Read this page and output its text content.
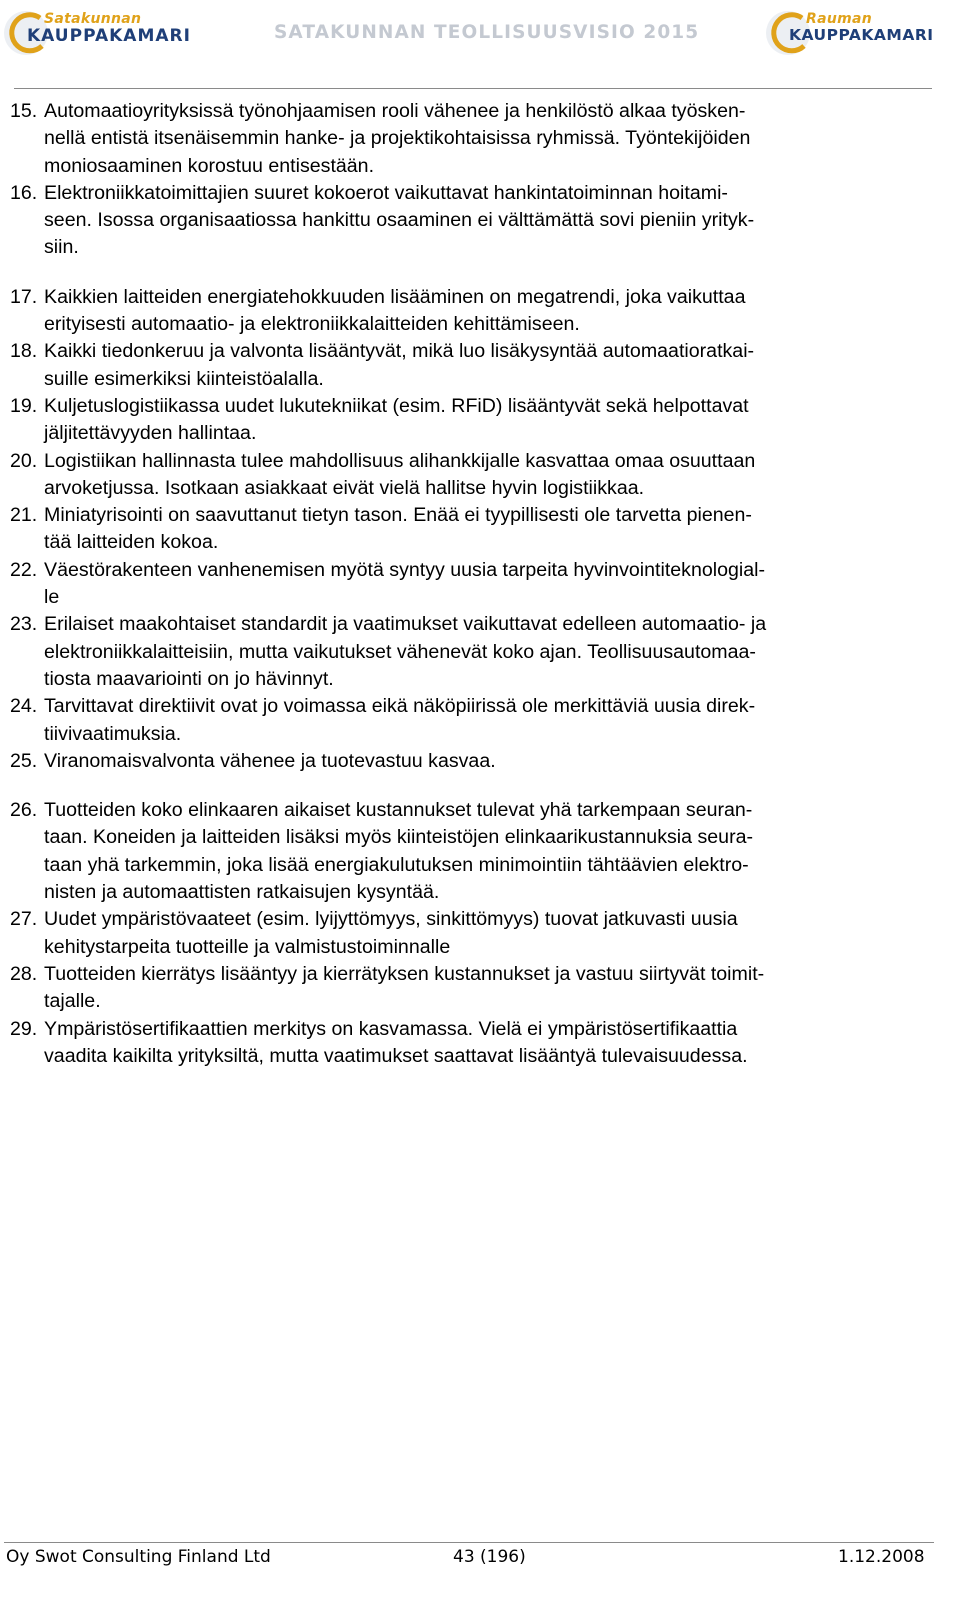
Satakunnan
KAUPPAKAMARI	SATAKUNNAN TEOLLISUUSVISIO 2015
Rauman
KAUPPAKAMARI
15. Automaatioyrityksissä työnohjaamisen rooli vähenee ja henkilöstö alkaa työsken-
nellä entistä itsenäisemmin hanke- ja projektikohtaisissa ryhmissä. Työntekijöiden
moniosaaminen korostuu entisestään.
16. Elektroniikkatoimittajien suuret kokoerot vaikuttavat hankintatoiminnan hoitami-
seen. Isossa organisaatiossa hankittu osaaminen ei välttämättä sovi pieniin yrityk-
siin.
17. Kaikkien laitteiden energiatehokkuuden lisääminen on megatrendi, joka vaikuttaa
erityisesti automaatio- ja elektroniikkalaitteiden kehittämiseen.
18. Kaikki tiedonkeruu ja valvonta lisääntyvät, mikä luo lisäkysyntää automaatioratkai-
suille esimerkiksi kiinteistöalalla.
19. Kuljetuslogistiikassa uudet lukutekniikat (esim. RFiD) lisääntyvät sekä helpottavat
jäljitettävyyden hallintaa.
20. Logistiikan hallinnasta tulee mahdollisuus alihankkijalle kasvattaa omaa osuuttaan
arvoketjussa. Isotkaan asiakkaat eivät vielä hallitse hyvin logistiikkaa.
21. Miniatyrisointi on saavuttanut tietyn tason. Enää ei tyypillisesti ole tarvetta pienen-
tää laitteiden kokoa.
22. Väestörakenteen vanhenemisen myötä syntyy uusia tarpeita hyvinvointiteknologial-
le
23. Erilaiset maakohtaiset standardit ja vaatimukset vaikuttavat edelleen automaatio- ja
elektroniikkalaitteisiin, mutta vaikutukset vähenevät koko ajan. Teollisuusautomaa-
tiosta maavariointi on jo hävinnyt.
24. Tarvittavat direktiivit ovat jo voimassa eikä näköpiirissä ole merkittäviä uusia direk-
tiivivaatimuksia.
25. Viranomaisvalvonta vähenee ja tuotevastuu kasvaa.
26. Tuotteiden koko elinkaaren aikaiset kustannukset tulevat yhä tarkempaan seuran-
taan. Koneiden ja laitteiden lisäksi myös kiinteistöjen elinkaarikustannuksia seura-
taan yhä tarkemmin, joka lisää energiakulutuksen minimointiin tähtäävien elektro-
nisten ja automaattisten ratkaisujen kysyntää.
27. Uudet ympäristövaateet (esim. lyijyttömyys, sinkittömyys) tuovat jatkuvasti uusia
kehitystarpeita tuotteille ja valmistustoiminnalle
28. Tuotteiden kierrätys lisääntyy ja kierrätyksen kustannukset ja vastuu siirtyvät toimit-
tajalle.
29. Ympäristösertifikaattien merkitys on kasvamassa. Vielä ei ympäristösertifikaattia
vaadita kaikilta yrityksiltä, mutta vaatimukset saattavat lisääntyä tulevaisuudessa.
Oy Swot Consulting Finland Ltd	43 (196)	1.12.2008
